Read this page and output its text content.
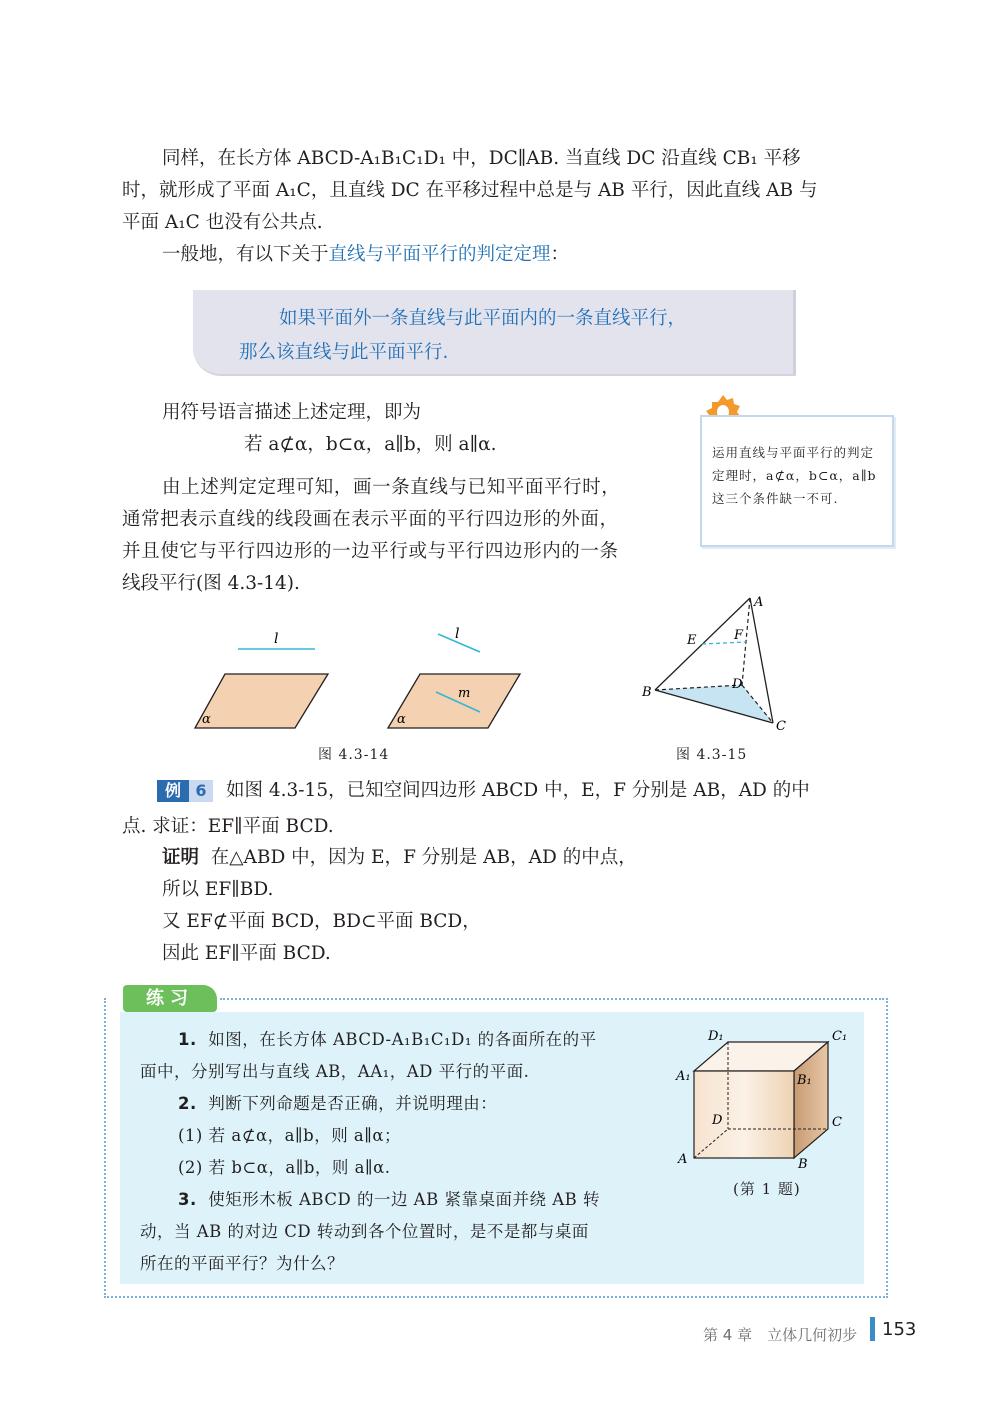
同样，在长方体 ABCD-A₁B₁C₁D₁ 中，DC∥AB. 当直线 DC 沿直线 CB₁ 平移
时，就形成了平面 A₁C，且直线 DC 在平移过程中总是与 AB 平行，因此直线 AB 与
平面 A₁C 也没有公共点.
一般地，有以下关于直线与平面平行的判定定理：

如果平面外一条直线与此平面内的一条直线平行，

那么该直线与此平面平行.

用符号语言描述上述定理，即为
若 a⊄α，b⊂α，a∥b，则 a∥α.	运用直线与平面平行的判定定理时，a⊄α，b⊂α，a∥b这三个条件缺一不可.
由上述判定定理可知，画一条直线与已知平面平行时，
通常把表示直线的线段画在表示平面的平行四边形的外面，
并且使它与平行四边形的一边平行或与平行四边形内的一条
线段平行(图 4.3-14).
l
α
l
m
α
图 4.3-14
A
B
C
D
E	F
图 4.3-15
例 6	如图 4.3-15，已知空间四边形 ABCD 中，E，F 分别是 AB，AD 的中
点. 求证：EF∥平面 BCD.
证明 在△ABD 中，因为 E，F 分别是 AB，AD 的中点，
所以 EF∥BD.
又 EF⊄平面 BCD，BD⊂平面 BCD，
因此 EF∥平面 BCD.
练习
1. 如图，在长方体 ABCD-A₁B₁C₁D₁ 的各面所在的平
面中，分别写出与直线 AB，AA₁，AD 平行的平面.
2. 判断下列命题是否正确，并说明理由：
(1) 若 a⊄α，a∥b，则 a∥α；
(2) 若 b⊂α，a∥b，则 a∥α.
3. 使矩形木板 ABCD 的一边 AB 紧靠桌面并绕 AB 转
动，当 AB 的对边 CD 转动到各个位置时，是不是都与桌面
所在的平面平行？为什么？
D₁	C₁
A₁	B₁
D	C
A	B
(第 1 题)
第 4 章　立体几何初步 153
